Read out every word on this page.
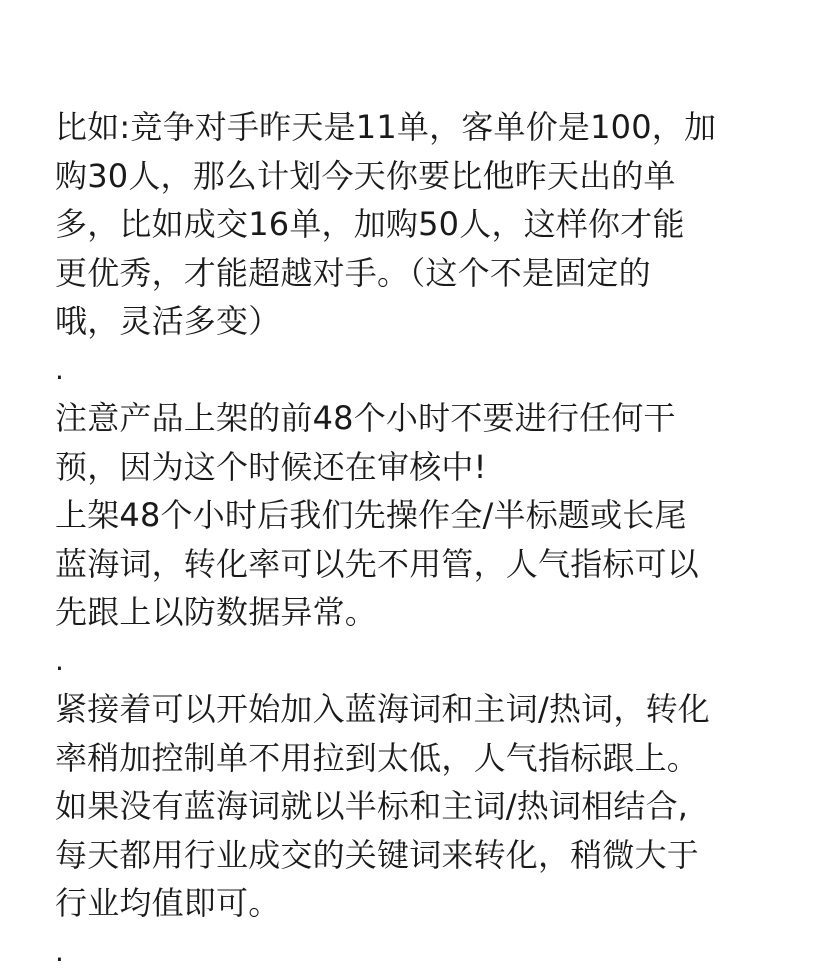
比如:竞争对手昨天是11单，客单价是100，加
购30人，那么计划今天你要比他昨天出的单
多，比如成交16单，加购50人，这样你才能
更优秀，才能超越对手。（这个不是固定的
哦，灵活多变）
.
注意产品上架的前48个小时不要进行任何干
预，因为这个时候还在审核中!
上架48个小时后我们先操作全/半标题或长尾
蓝海词，转化率可以先不用管，人气指标可以
先跟上以防数据异常。
.
紧接着可以开始加入蓝海词和主词/热词，转化
率稍加控制单不用拉到太低，人气指标跟上。
如果没有蓝海词就以半标和主词/热词相结合,
每天都用行业成交的关键词来转化，稍微大于
行业均值即可。
.
